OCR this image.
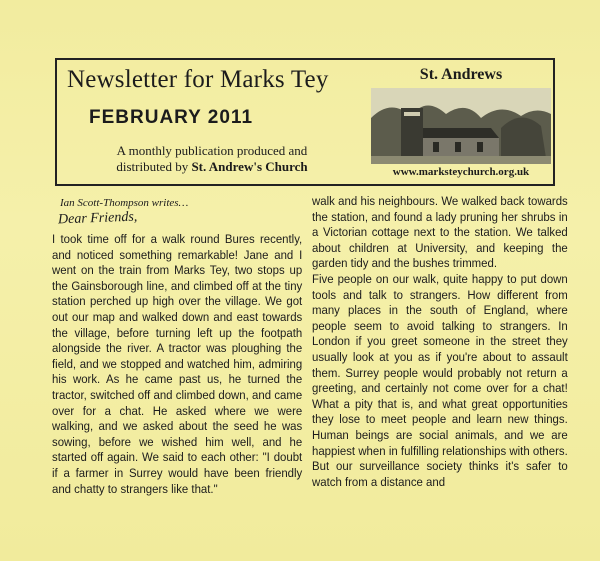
Newsletter for Marks Tey
FEBRUARY 2011
A monthly publication produced and
distributed by St. Andrew's Church
St. Andrews
www.marksteychurch.org.uk
Ian Scott-Thompson writes…
Dear Friends,

I took time off for a walk round Bures recently, and noticed something remarkable! Jane and I went on the train from Marks Tey, two stops up the Gainsborough line, and climbed off at the tiny station perched up high over the village. We got out our map and walked down and east towards the village, before turning left up the footpath alongside the river. A tractor was ploughing the field, and we stopped and watched him, admiring his work. As he came past us, he turned the tractor, switched off and climbed down, and came over for a chat. He asked where we were walking, and we asked about the seed he was sowing, before we wished him well, and he started off again. We said to each other: "I doubt if a farmer in Surrey would have been friendly and chatty to strangers like that."

walk and his neighbours. We walked back towards the station, and found a lady pruning her shrubs in a Victorian cottage next to the station. We talked about children at University, and keeping the garden tidy and the bushes trimmed.

Five people on our walk, quite happy to put down tools and talk to strangers. How different from many places in the south of England, where people seem to avoid talking to strangers. In London if you greet someone in the street they usually look at you as if you're about to assault them. Surrey people would probably not return a greeting, and certainly not come over for a chat! What a pity that is, and what great opportunities they lose to meet people and learn new things. Human beings are social animals, and we are happiest when in fulfilling relationships with others. But our surveillance society thinks it's safer to watch from a distance and
